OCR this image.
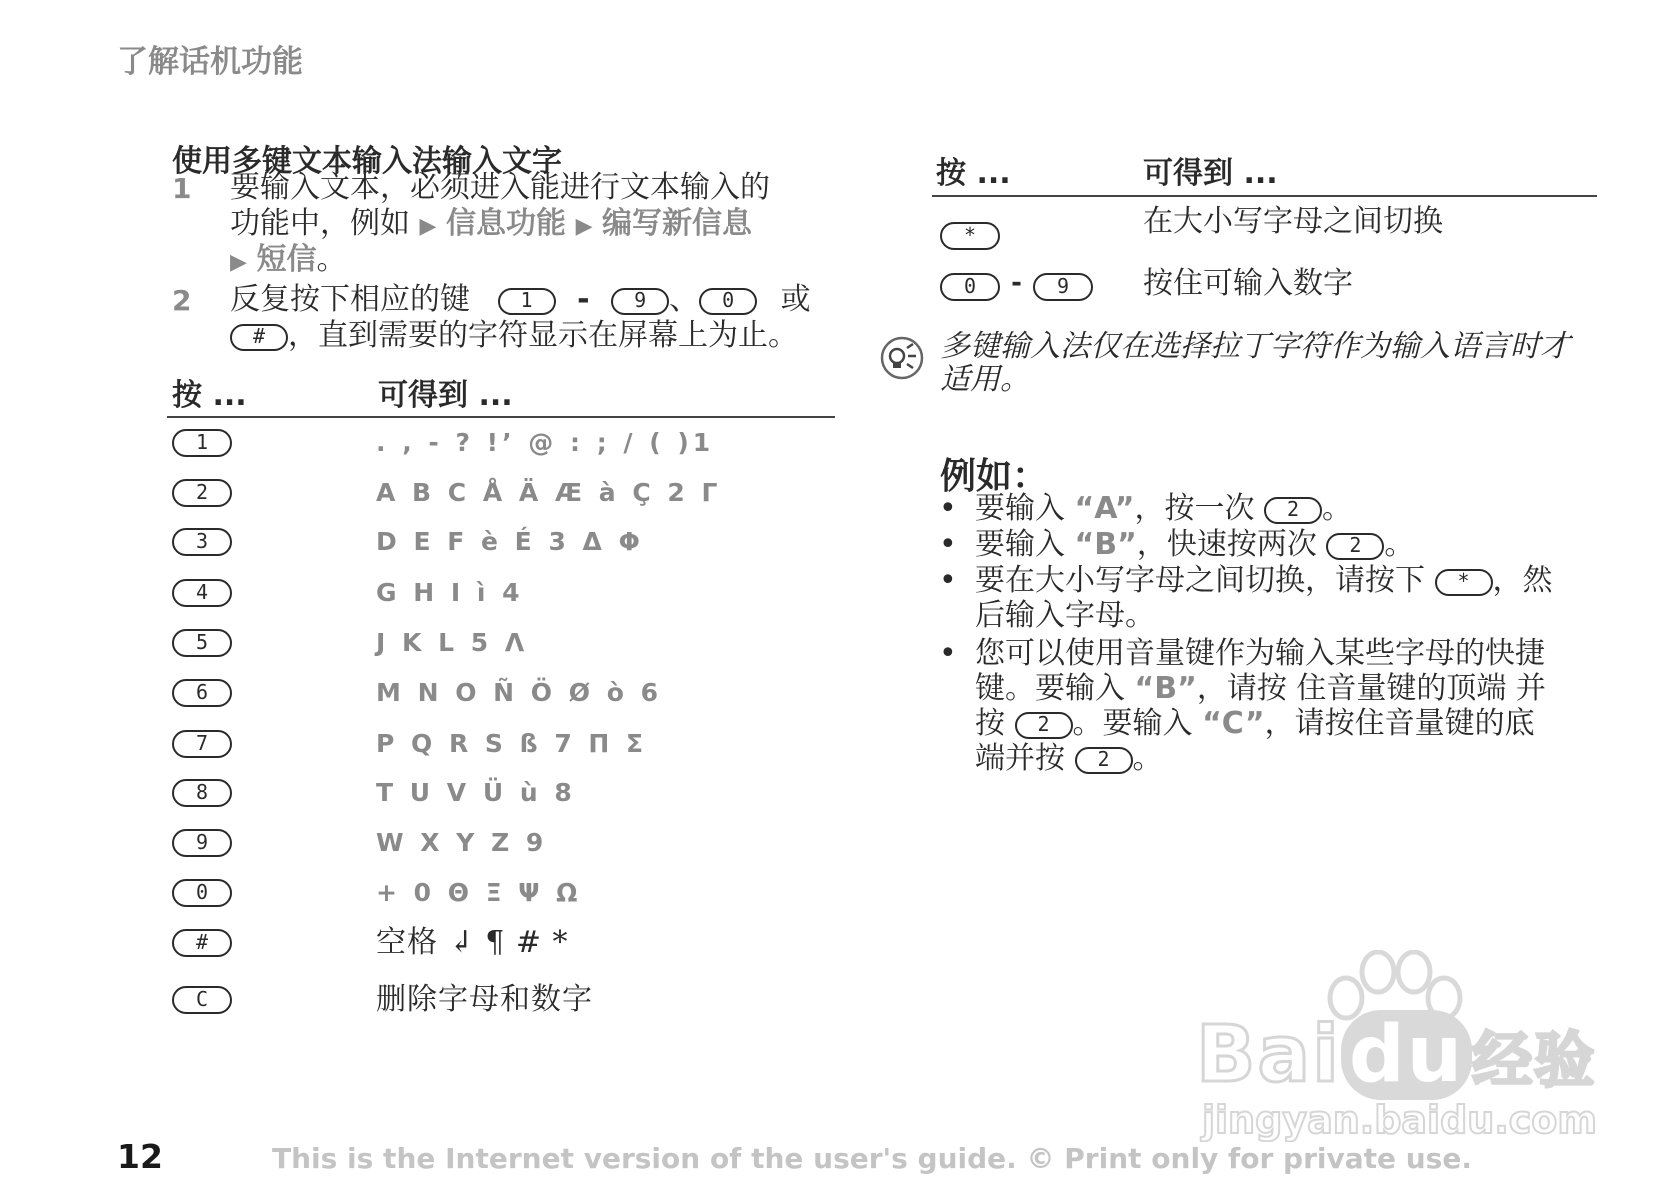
了解话机功能
使用多键文本输入法输入文字
1 要输入文本，必须进入能进行文本输入的
功能中，例如 ▶ 信息功能 ▶ 编写新信息
▶ 短信。
2 反复按下相应的键	1 - 9 、 0 或
# ，直到需要的字符显示在屏幕上为止。
按 ...	可得到 ...
1	. , - ? !’ @ : ; / ( )1
2	A B C Å Ä Æ à Ç 2 Γ
3	D E F è É 3 Δ Φ
4	G H I ì 4
5	J K L 5 Λ
6	M N O Ñ Ö Ø ò 6
7	P Q R S ß 7 Π Σ
8	T U V Ü ù 8
9	W X Y Z 9
0	+ 0 Θ Ξ Ψ Ω
#	空格 ↲ ¶ # *
C	删除字母和数字
按 ...	可得到 ...
*	在大小写字母之间切换
0 - 9	按住可输入数字
多键输入法仅在选择拉丁字符作为输入语言时才
适用。
例如：
• 要输入 “A”，按一次 2 。
• 要输入 “B”，快速按两次 2 。
• 要在大小写字母之间切换，请按下 * ，然
后输入字母。
• 您可以使用音量键作为输入某些字母的快捷
键。要输入 “B”，请按 住音量键的顶端 并
按 2 。要输入 “C”，请按住音量键的底
端并按 2 。
Bai du 经验
jingyan.baidu.com
12	This is the Internet version of the user's guide. © Print only for private use.
